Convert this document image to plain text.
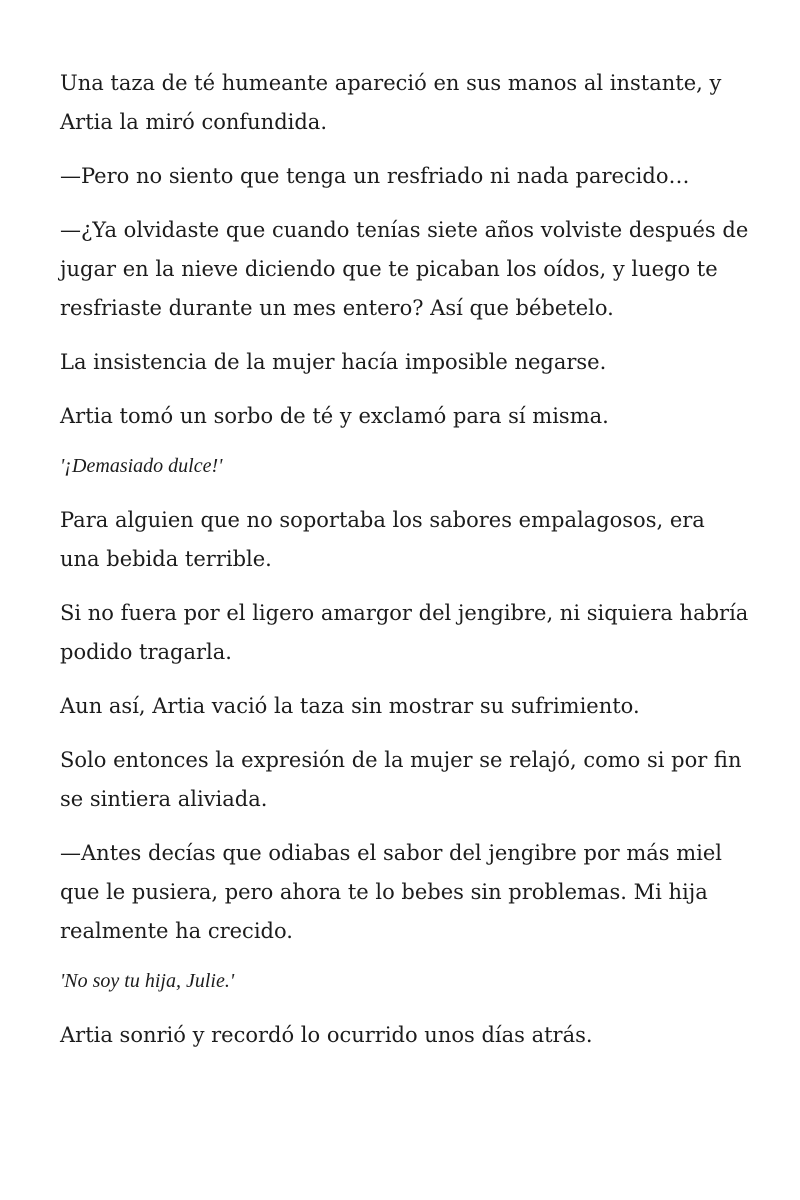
Una taza de té humeante apareció en sus manos al instante, y Artia la miró confundida.

—Pero no siento que tenga un resfriado ni nada parecido…

—¿Ya olvidaste que cuando tenías siete años volviste después de jugar en la nieve diciendo que te picaban los oídos, y luego te resfriaste durante un mes entero? Así que bébetelo.

La insistencia de la mujer hacía imposible negarse.

Artia tomó un sorbo de té y exclamó para sí misma.

'¡Demasiado dulce!'

Para alguien que no soportaba los sabores empalagosos, era una bebida terrible.

Si no fuera por el ligero amargor del jengibre, ni siquiera habría podido tragarla.

Aun así, Artia vació la taza sin mostrar su sufrimiento.

Solo entonces la expresión de la mujer se relajó, como si por fin se sintiera aliviada.

—Antes decías que odiabas el sabor del jengibre por más miel que le pusiera, pero ahora te lo bebes sin problemas. Mi hija realmente ha crecido.

'No soy tu hija, Julie.'

Artia sonrió y recordó lo ocurrido unos días atrás.
